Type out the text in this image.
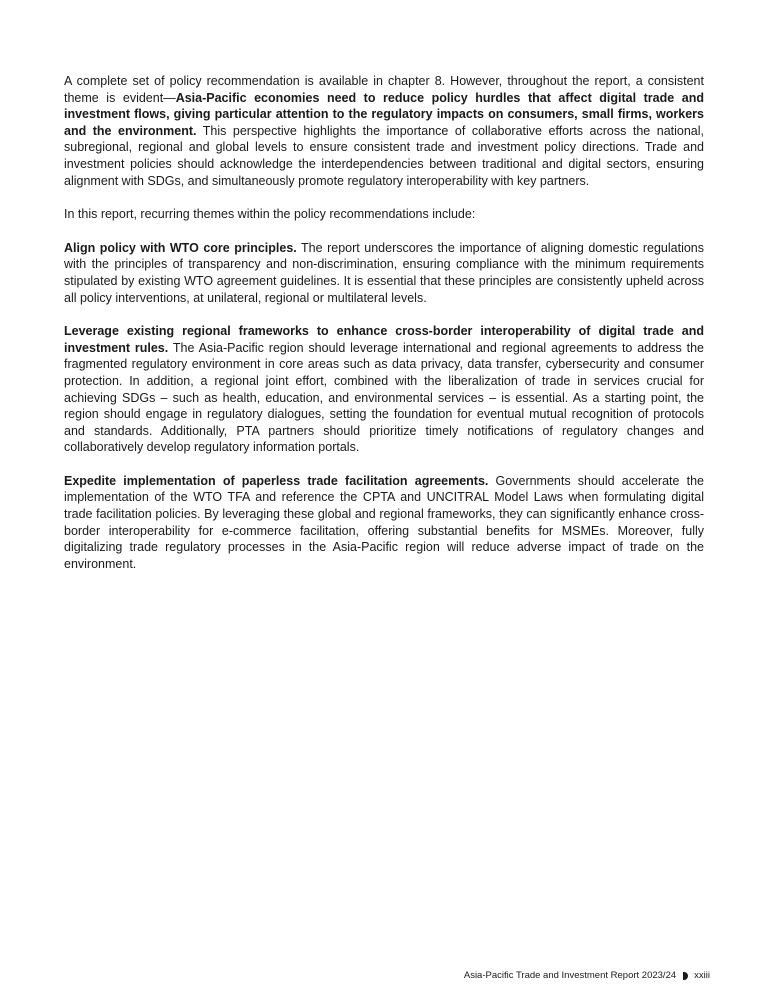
A complete set of policy recommendation is available in chapter 8. However, throughout the report, a consistent theme is evident—Asia-Pacific economies need to reduce policy hurdles that affect digital trade and investment flows, giving particular attention to the regulatory impacts on consumers, small firms, workers and the environment. This perspective highlights the importance of collaborative efforts across the national, subregional, regional and global levels to ensure consistent trade and investment policy directions. Trade and investment policies should acknowledge the interdependencies between traditional and digital sectors, ensuring alignment with SDGs, and simultaneously promote regulatory interoperability with key partners.

In this report, recurring themes within the policy recommendations include:

Align policy with WTO core principles. The report underscores the importance of aligning domestic regulations with the principles of transparency and non-discrimination, ensuring compliance with the minimum requirements stipulated by existing WTO agreement guidelines. It is essential that these principles are consistently upheld across all policy interventions, at unilateral, regional or multilateral levels.

Leverage existing regional frameworks to enhance cross-border interoperability of digital trade and investment rules. The Asia-Pacific region should leverage international and regional agreements to address the fragmented regulatory environment in core areas such as data privacy, data transfer, cybersecurity and consumer protection. In addition, a regional joint effort, combined with the liberalization of trade in services crucial for achieving SDGs – such as health, education, and environmental services – is essential. As a starting point, the region should engage in regulatory dialogues, setting the foundation for eventual mutual recognition of protocols and standards. Additionally, PTA partners should prioritize timely notifications of regulatory changes and collaboratively develop regulatory information portals.

Expedite implementation of paperless trade facilitation agreements. Governments should accelerate the implementation of the WTO TFA and reference the CPTA and UNCITRAL Model Laws when formulating digital trade facilitation policies. By leveraging these global and regional frameworks, they can significantly enhance cross-border interoperability for e-commerce facilitation, offering substantial benefits for MSMEs. Moreover, fully digitalizing trade regulatory processes in the Asia-Pacific region will reduce adverse impact of trade on the environment.

Asia-Pacific Trade and Investment Report 2023/24 xxiii
